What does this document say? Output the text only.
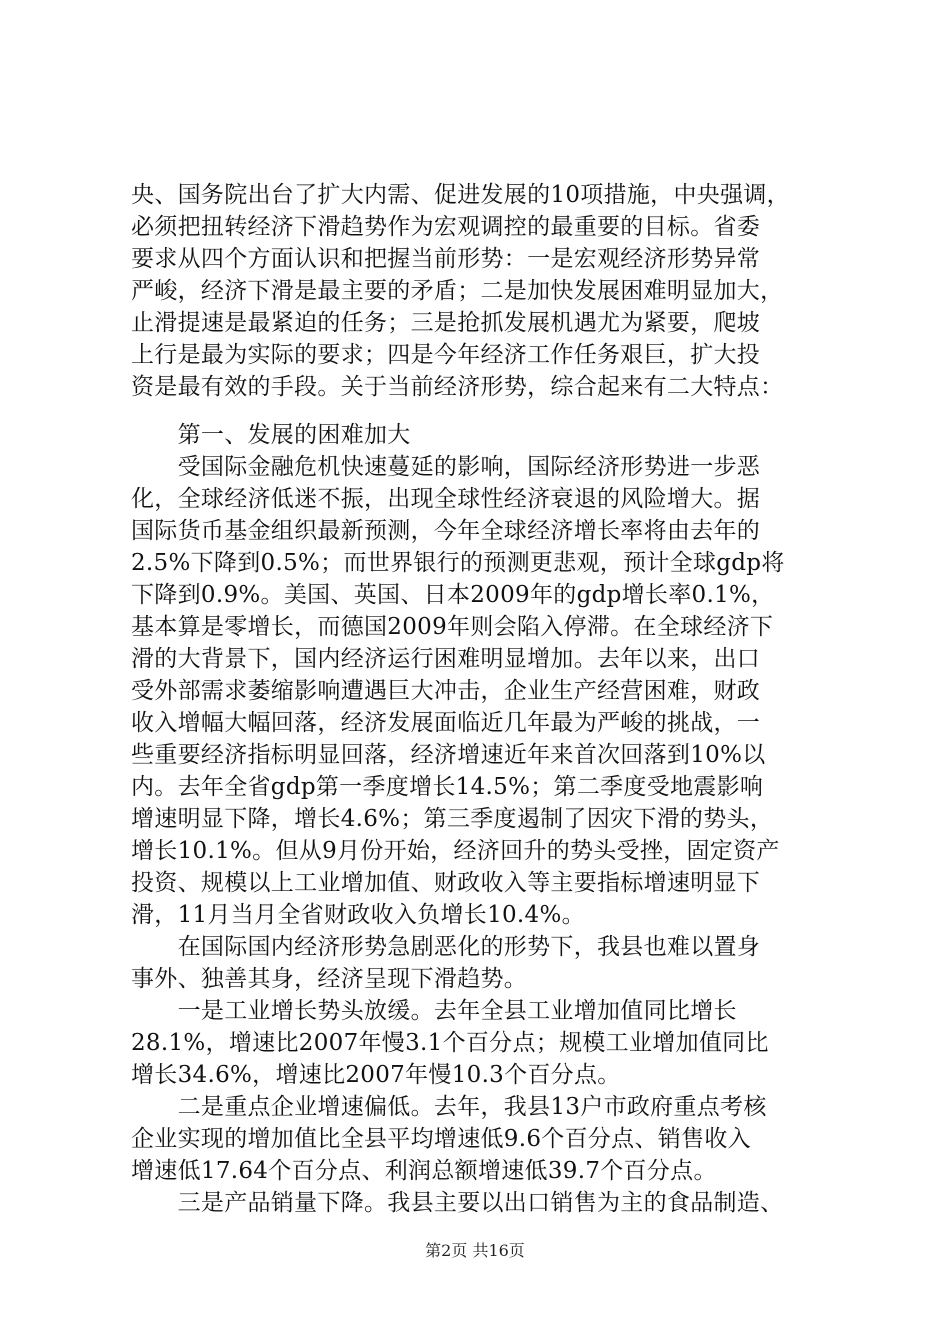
央、国务院出台了扩大内需、促进发展的10项措施，中央强调，
必须把扭转经济下滑趋势作为宏观调控的最重要的目标。省委
要求从四个方面认识和把握当前形势：一是宏观经济形势异常
严峻，经济下滑是最主要的矛盾；二是加快发展困难明显加大，
止滑提速是最紧迫的任务；三是抢抓发展机遇尤为紧要，爬坡
上行是最为实际的要求；四是今年经济工作任务艰巨，扩大投
资是最有效的手段。关于当前经济形势，综合起来有二大特点：
　　第一、发展的困难加大
　　受国际金融危机快速蔓延的影响，国际经济形势进一步恶
化，全球经济低迷不振，出现全球性经济衰退的风险增大。据
国际货币基金组织最新预测，今年全球经济增长率将由去年的
2.5%下降到0.5%；而世界银行的预测更悲观，预计全球gdp将
下降到0.9%。美国、英国、日本2009年的gdp增长率0.1%，
基本算是零增长，而德国2009年则会陷入停滞。在全球经济下
滑的大背景下，国内经济运行困难明显增加。去年以来，出口
受外部需求萎缩影响遭遇巨大冲击，企业生产经营困难，财政
收入增幅大幅回落，经济发展面临近几年最为严峻的挑战，一
些重要经济指标明显回落，经济增速近年来首次回落到10%以
内。去年全省gdp第一季度增长14.5%；第二季度受地震影响
增速明显下降，增长4.6%；第三季度遏制了因灾下滑的势头，
增长10.1%。但从9月份开始，经济回升的势头受挫，固定资产
投资、规模以上工业增加值、财政收入等主要指标增速明显下
滑，11月当月全省财政收入负增长10.4%。
　　在国际国内经济形势急剧恶化的形势下，我县也难以置身
事外、独善其身，经济呈现下滑趋势。
　　一是工业增长势头放缓。去年全县工业增加值同比增长
28.1%，增速比2007年慢3.1个百分点；规模工业增加值同比
增长34.6%，增速比2007年慢10.3个百分点。
　　二是重点企业增速偏低。去年，我县13户市政府重点考核
企业实现的增加值比全县平均增速低9.6个百分点、销售收入
增速低17.64个百分点、利润总额增速低39.7个百分点。
　　三是产品销量下降。我县主要以出口销售为主的食品制造、
第2页 共16页
